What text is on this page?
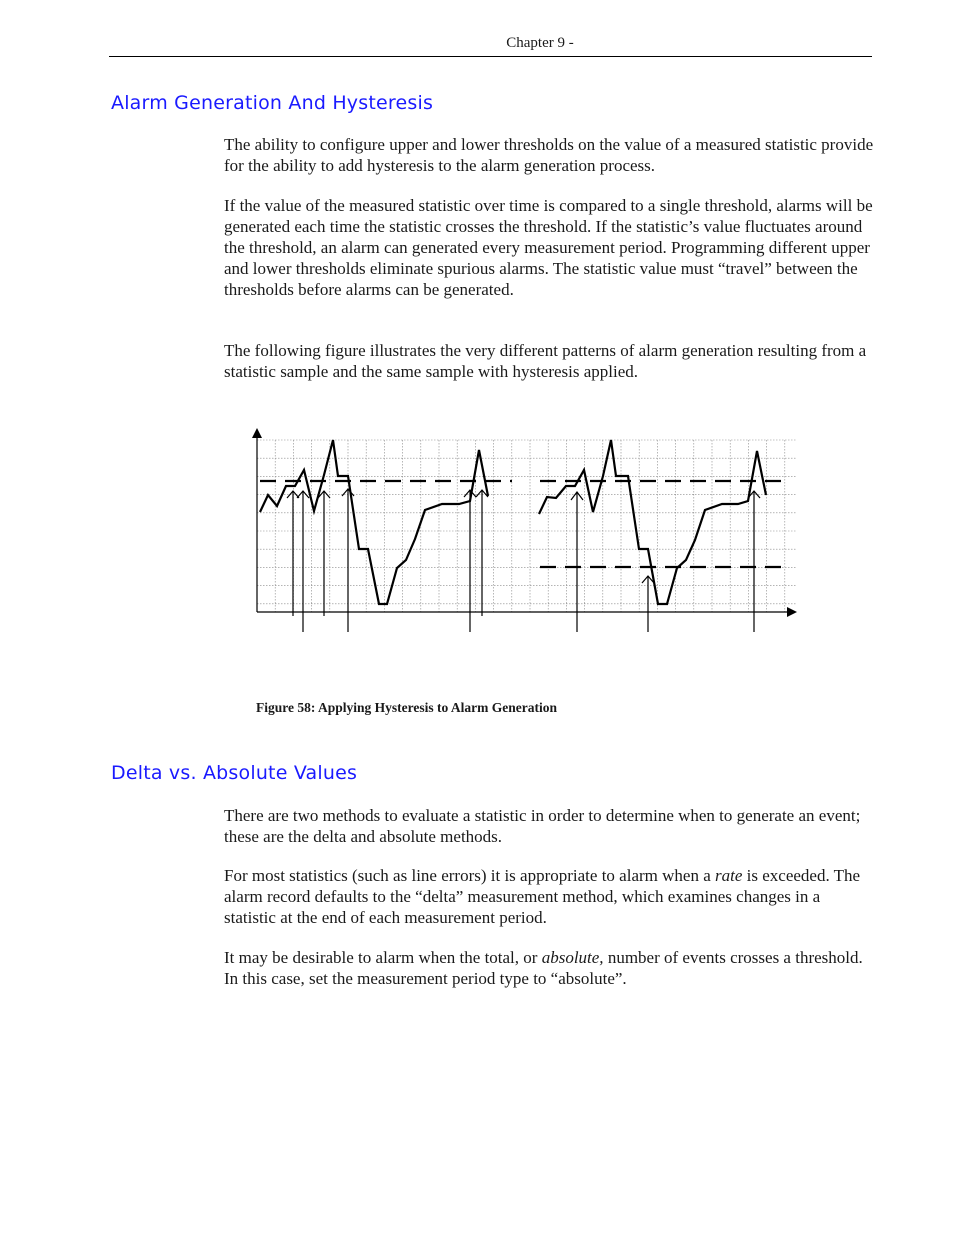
Chapter 9 -
Alarm Generation And Hysteresis

The ability to configure upper and lower thresholds on the value of a measured statistic provide for the ability to add hysteresis to the alarm generation process.

If the value of the measured statistic over time is compared to a single threshold, alarms will be generated each time the statistic crosses the threshold. If the statistic’s value fluctuates around the threshold, an alarm can generated every measurement period. Programming different upper and lower thresholds eliminate spurious alarms. The statistic value must “travel” between the thresholds before alarms can be generated.

The following figure illustrates the very different patterns of alarm generation resulting from a statistic sample and the same sample with hysteresis applied.

Figure 58: Applying Hysteresis to Alarm Generation

Delta vs. Absolute Values

There are two methods to evaluate a statistic in order to determine when to generate an event; these are the delta and absolute methods.

For most statistics (such as line errors) it is appropriate to alarm when a rate is exceeded. The alarm record defaults to the “delta” measurement method, which examines changes in a statistic at the end of each measurement period.

It may be desirable to alarm when the total, or absolute, number of events crosses a threshold. In this case, set the measurement period type to “absolute”.
